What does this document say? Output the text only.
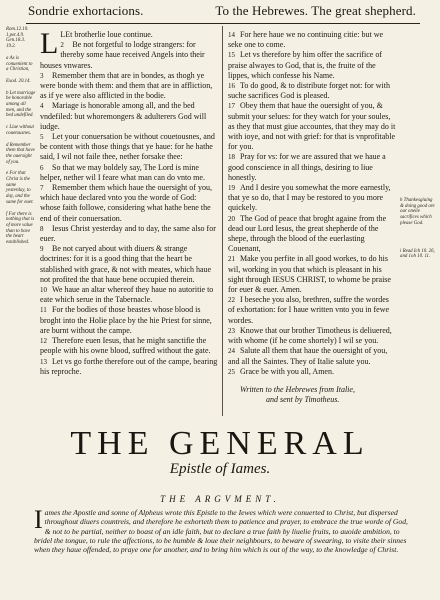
Sondrie exhortacions.	To the Hebrewes. The great shepherd.
Rom.12.10.
1.pet.4.9.
Gen.18.3.
19.2.
a As is conuenient to a Christian,
Exod. 20.14.
b Let marriage be honorable among all men, and the bed undefiled.
c Liue without couetousnes.
d Remember them that have the ouersight of you.
e For that Christ is the same yesterday, to day, and the same for euer.
f For there is nothing that is of more value than to have the heart established.

L LEt brotherlie loue continue.

2 Be not forgetful to lodge strangers: for thereby some haue received Angels into their houses vnwares.

3 Remember them that are in bondes, as thogh ye were bonde with them: and them that are in affliction, as if ye were also afflicted in the bodie.

4 Mariage is honorable among all, and the bed vndefiled: but whoremongers & adulterers God will iudge.

5 Let your conuersation be without couetousnes, and be content with those things that ye haue: for he hathe said, I wil not faile thee, nether forsake thee:

6 So that we may boldely say, The Lord is mine helper, nether wil I feare what man can do vnto me.

7 Remember them which haue the ouersight of you, which haue declared vnto you the worde of God: whose faith followe, considering what hathe bene the end of their conuersation.

8 Iesus Christ yesterday and to day, the same also for euer.

9 Be not caryed about with diuers & strange doctrines: for it is a good thing that the heart be stablished with grace, & not with meates, which haue not profited the that haue bene occupied therein.

10 We haue an altar whereof they haue no autoritie to eate which serue in the Tabernacle.

11 For the bodies of those beastes whose blood is broght into the Holie place by the hie Priest for sinne, are burnt without the campe.

12 Therefore euen Iesus, that he might sanctifie the people with his owne blood, suffred without the gate.

13 Let vs go forthe therefore out of the campe, bearing his reproche.

14 For here haue we no continuing citie: but we seke one to come.

15 Let vs therefore by him offer the sacrifice of praise alwayes to God, that is, the fruite of the lippes, which confesse his Name.

16 To do good, & to distribute forget not: for with suche sacrifices God is pleased.

17 Obey them that haue the ouersight of you, & submit your selues: for they watch for your soules, as they that must giue accountes, that they may do it with ioye, and not with grief: for that is vnprofitable for you.

18 Pray for vs: for we are assured that we haue a good conscience in all things, desiring to liue honestly.

19 And I desire you somewhat the more earnestly, that ye so do, that I may be restored to you more quickely.

20 The God of peace that broght againe from the dead our Lord Iesus, the great shepherde of the shepe, through the blood of the euerlasting Couenant,

21 Make you perfite in all good workes, to do his wil, working in you that which is pleasant in his sight through IESUS CHRIST, to whome be praise for euer & euer. Amen.

22 I beseche you also, brethren, suffre the wordes of exhortation: for I haue written vnto you in fewe wordes.

23 Knowe that our brother Timotheus is deliuered, with whome (if he come shortely) I wil se you.

24 Salute all them that haue the ouersight of you, and all the Saintes. They of Italie salute you.

25 Grace be with you all, Amen.

Written to the Hebrewes from Italie,
and sent by Timotheus.

h Thankesgiuing & doing good are our onelie sacrifices which please God.
i Read Ich 10. 26, and 1oh 10. 11.
THE GENERAL
Epistle of Iames.
THE ARGVMENT.
I ames the Apostle and sonne of Alpheus wrote this Epistle to the Iewes which were conuerted to Christ, but dispersed throughout diuers countreis, and therefore he exhorteth them to patience and prayer, to embrace the true worde of God, & not to be partial, neither to boast of an idle faith, but to declare a true faith by liuelie fruits, to auoide ambition, to bridel the tongue, to rule the affections, to be humble & loue their neighbours, to beware of swearing, to visite their sinnes when they haue offended, to praye one for another, and to bring him which is out of the way, to the knowledge of Christ.
